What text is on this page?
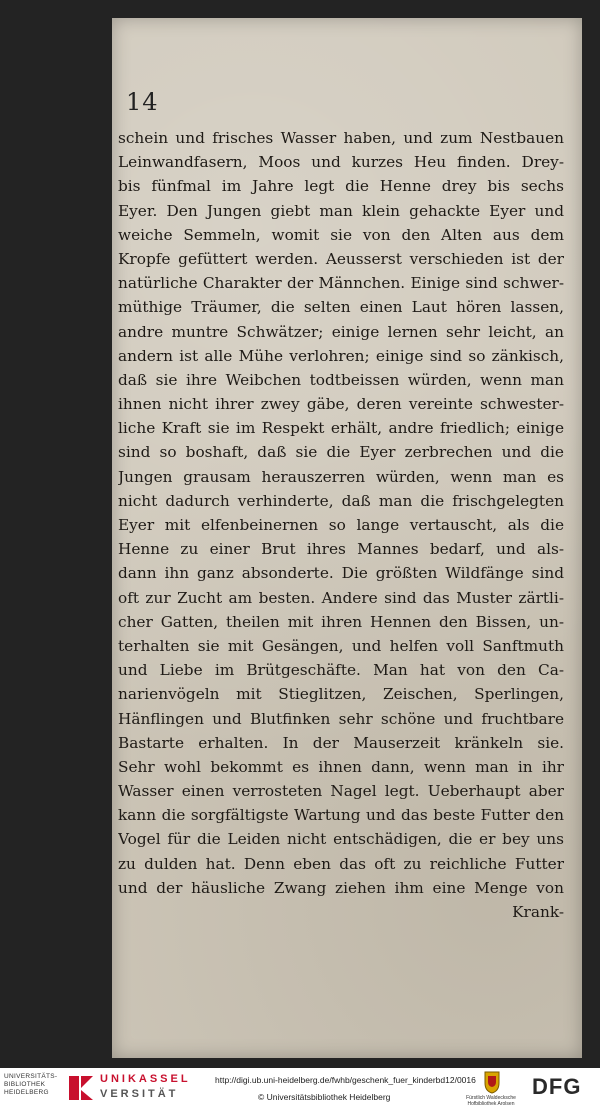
14
schein und frisches Wasser haben, und zum Nestbauen
Leinwandfasern, Moos und kurzes Heu finden. Drey-
bis fünfmal im Jahre legt die Henne drey bis sechs
Eyer. Den Jungen giebt man klein gehackte Eyer und
weiche Semmeln, womit sie von den Alten aus dem
Kropfe gefüttert werden. Aeusserst verschieden ist der
natürliche Charakter der Männchen. Einige sind schwer-
müthige Träumer, die selten einen Laut hören lassen,
andre muntre Schwätzer; einige lernen sehr leicht, an
andern ist alle Mühe verlohren; einige sind so zänkisch,
daß sie ihre Weibchen todtbeissen würden, wenn man
ihnen nicht ihrer zwey gäbe, deren vereinte schwester-
liche Kraft sie im Respekt erhält, andre friedlich; einige
sind so boshaft, daß sie die Eyer zerbrechen und die
Jungen grausam herauszerren würden, wenn man es
nicht dadurch verhinderte, daß man die frischgelegten
Eyer mit elfenbeinernen so lange vertauscht, als die
Henne zu einer Brut ihres Mannes bedarf, und als-
dann ihn ganz absonderte. Die größten Wildfänge sind
oft zur Zucht am besten. Andere sind das Muster zärtli-
cher Gatten, theilen mit ihren Hennen den Bissen, un-
terhalten sie mit Gesängen, und helfen voll Sanftmuth
und Liebe im Brütgeschäfte. Man hat von den Ca-
narienvögeln mit Stieglitzen, Zeischen, Sperlingen,
Hänflingen und Blutfinken sehr schöne und fruchtbare
Bastarte erhalten. In der Mauserzeit kränkeln sie.
Sehr wohl bekommt es ihnen dann, wenn man in ihr
Wasser einen verrosteten Nagel legt. Ueberhaupt aber
kann die sorgfältigste Wartung und das beste Futter den
Vogel für die Leiden nicht entschädigen, die er bey uns
zu dulden hat. Denn eben das oft zu reichliche Futter
und der häusliche Zwang ziehen ihm eine Menge von
Krank-
UNIVERSITÄTS-
BIBLIOTHEK
HEIDELBERG
UNIKASSEL
VERSITÄT
http://digi.ub.uni-heidelberg.de/fwhb/geschenk_fuer_kinderbd12/0016
© Universitätsbibliothek Heidelberg	Fürstlich Waldecksche
Hofbibliothek Arolsen
DFG
